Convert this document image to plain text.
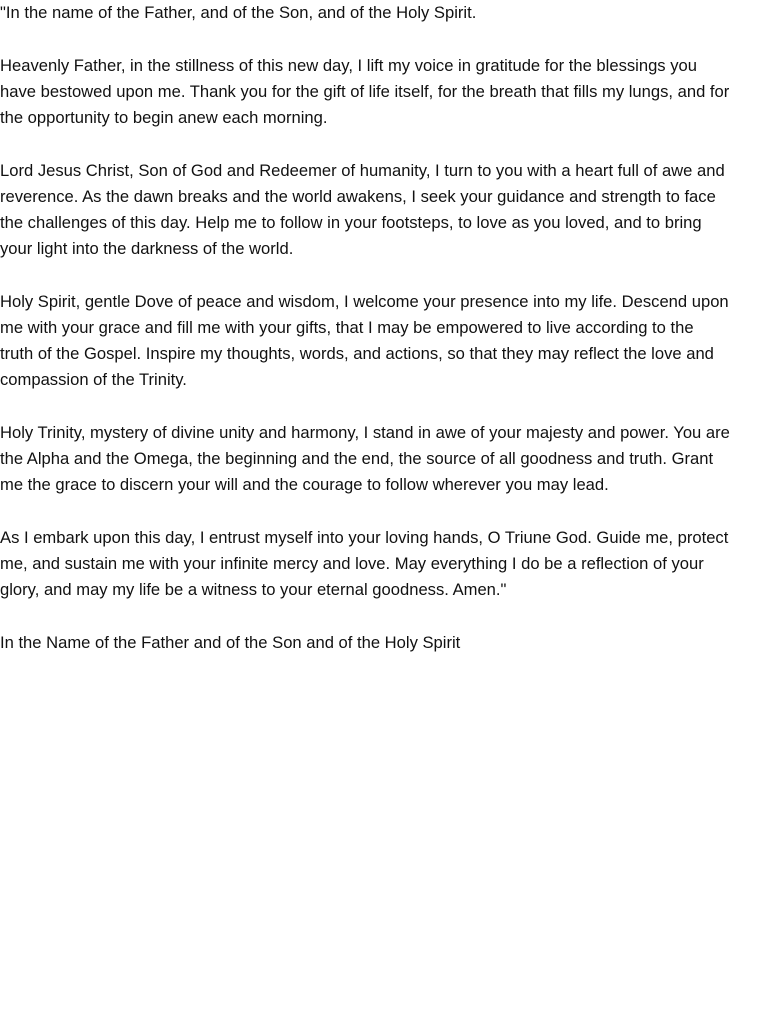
"In the name of the Father, and of the Son, and of the Holy Spirit.

Heavenly Father, in the stillness of this new day, I lift my voice in gratitude for the blessings you
have bestowed upon me. Thank you for the gift of life itself, for the breath that fills my lungs, and for
the opportunity to begin anew each morning.

Lord Jesus Christ, Son of God and Redeemer of humanity, I turn to you with a heart full of awe and
reverence. As the dawn breaks and the world awakens, I seek your guidance and strength to face
the challenges of this day. Help me to follow in your footsteps, to love as you loved, and to bring
your light into the darkness of the world.

Holy Spirit, gentle Dove of peace and wisdom, I welcome your presence into my life. Descend upon
me with your grace and fill me with your gifts, that I may be empowered to live according to the
truth of the Gospel. Inspire my thoughts, words, and actions, so that they may reflect the love and
compassion of the Trinity.

Holy Trinity, mystery of divine unity and harmony, I stand in awe of your majesty and power. You are
the Alpha and the Omega, the beginning and the end, the source of all goodness and truth. Grant
me the grace to discern your will and the courage to follow wherever you may lead.

As I embark upon this day, I entrust myself into your loving hands, O Triune God. Guide me, protect
me, and sustain me with your infinite mercy and love. May everything I do be a reflection of your
glory, and may my life be a witness to your eternal goodness. Amen."

In the Name of the Father and of the Son and of the Holy Spirit
